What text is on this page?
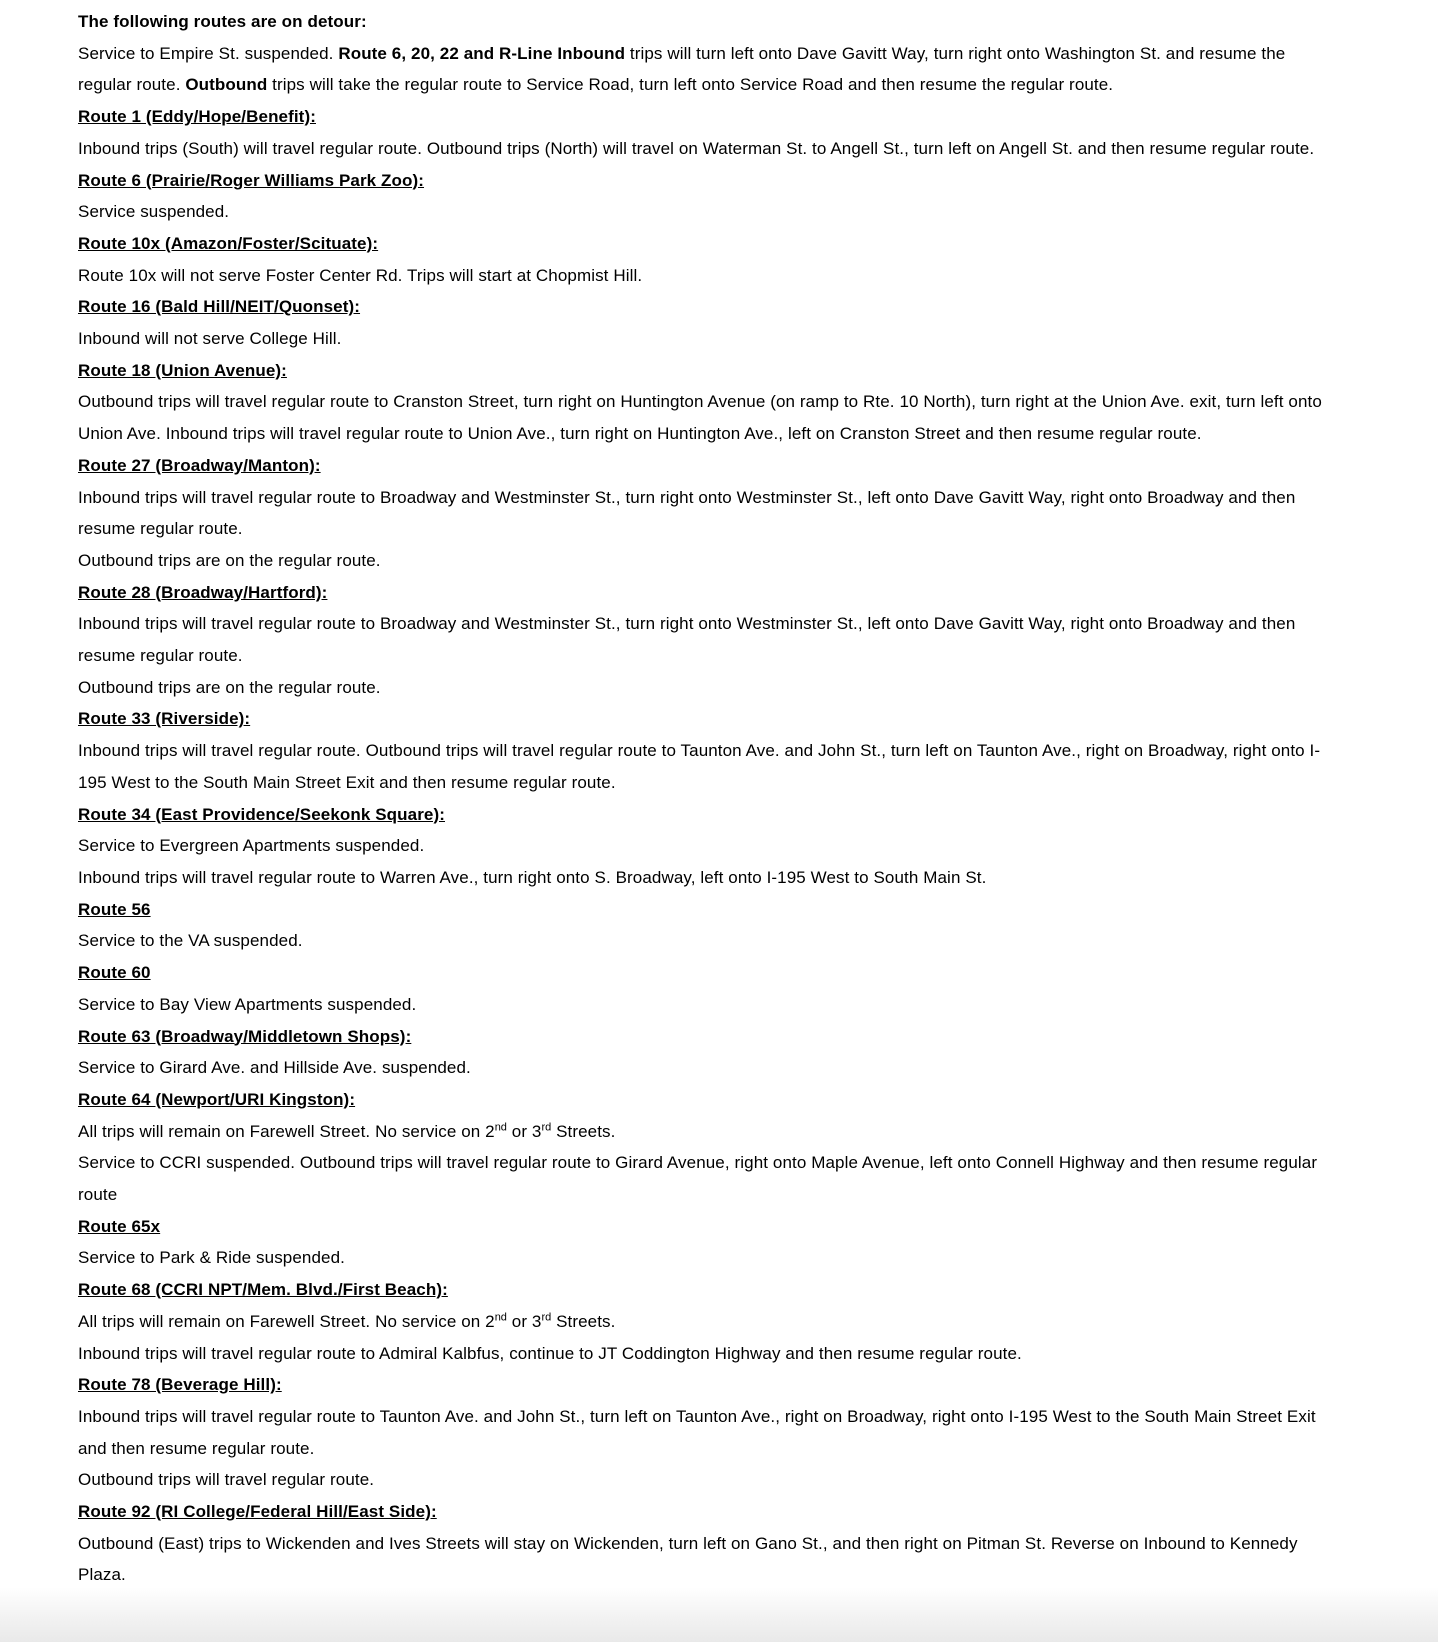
The following routes are on detour:

Service to Empire St. suspended. Route 6, 20, 22 and R-Line Inbound trips will turn left onto Dave Gavitt Way, turn right onto Washington St. and resume the regular route. Outbound trips will take the regular route to Service Road, turn left onto Service Road and then resume the regular route.

Route 1 (Eddy/Hope/Benefit):

Inbound trips (South) will travel regular route. Outbound trips (North) will travel on Waterman St. to Angell St., turn left on Angell St. and then resume regular route.

Route 6 (Prairie/Roger Williams Park Zoo):

Service suspended.

Route 10x (Amazon/Foster/Scituate):

Route 10x will not serve Foster Center Rd. Trips will start at Chopmist Hill.

Route 16 (Bald Hill/NEIT/Quonset):

Inbound will not serve College Hill.

Route 18 (Union Avenue):

Outbound trips will travel regular route to Cranston Street, turn right on Huntington Avenue (on ramp to Rte. 10 North), turn right at the Union Ave. exit, turn left onto Union Ave. Inbound trips will travel regular route to Union Ave., turn right on Huntington Ave., left on Cranston Street and then resume regular route.

Route 27 (Broadway/Manton):

Inbound trips will travel regular route to Broadway and Westminster St., turn right onto Westminster St., left onto Dave Gavitt Way, right onto Broadway and then resume regular route.

Outbound trips are on the regular route.

Route 28 (Broadway/Hartford):

Inbound trips will travel regular route to Broadway and Westminster St., turn right onto Westminster St., left onto Dave Gavitt Way, right onto Broadway and then resume regular route.

Outbound trips are on the regular route.

Route 33 (Riverside):

Inbound trips will travel regular route. Outbound trips will travel regular route to Taunton Ave. and John St., turn left on Taunton Ave., right on Broadway, right onto I-195 West to the South Main Street Exit and then resume regular route.

Route 34 (East Providence/Seekonk Square):

Service to Evergreen Apartments suspended.

Inbound trips will travel regular route to Warren Ave., turn right onto S. Broadway, left onto I-195 West to South Main St.

Route 56

Service to the VA suspended.

Route 60

Service to Bay View Apartments suspended.

Route 63 (Broadway/Middletown Shops):

Service to Girard Ave. and Hillside Ave. suspended.

Route 64 (Newport/URI Kingston):

All trips will remain on Farewell Street. No service on 2nd or 3rd Streets.

Service to CCRI suspended. Outbound trips will travel regular route to Girard Avenue, right onto Maple Avenue, left onto Connell Highway and then resume regular route

Route 65x

Service to Park & Ride suspended.

Route 68 (CCRI NPT/Mem. Blvd./First Beach):

All trips will remain on Farewell Street. No service on 2nd or 3rd Streets.

Inbound trips will travel regular route to Admiral Kalbfus, continue to JT Coddington Highway and then resume regular route.

Route 78 (Beverage Hill):

Inbound trips will travel regular route to Taunton Ave. and John St., turn left on Taunton Ave., right on Broadway, right onto I-195 West to the South Main Street Exit and then resume regular route.

Outbound trips will travel regular route.

Route 92 (RI College/Federal Hill/East Side):

Outbound (East) trips to Wickenden and Ives Streets will stay on Wickenden, turn left on Gano St., and then right on Pitman St. Reverse on Inbound to Kennedy Plaza.
